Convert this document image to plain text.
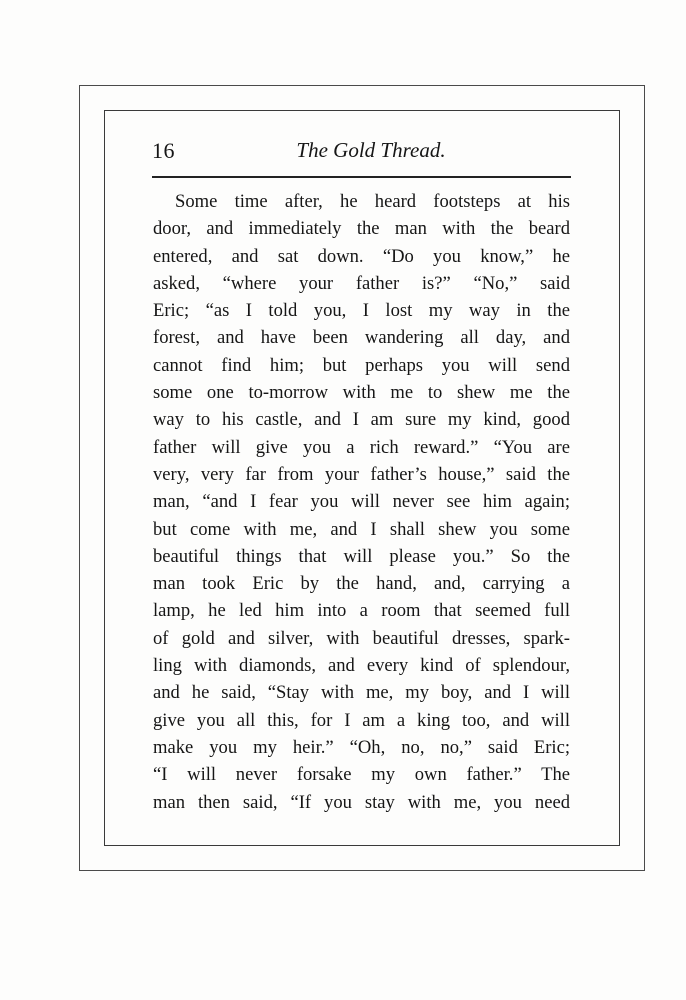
16	The Gold Thread.
Some time after, he heard footsteps at his
door, and immediately the man with the beard
entered, and sat down. “Do you know,” he
asked, “where your father is?” “No,” said
Eric; “as I told you, I lost my way in the
forest, and have been wandering all day, and
cannot find him; but perhaps you will send
some one to-morrow with me to shew me the
way to his castle, and I am sure my kind, good
father will give you a rich reward.” “You are
very, very far from your father’s house,” said the
man, “and I fear you will never see him again;
but come with me, and I shall shew you some
beautiful things that will please you.” So the
man took Eric by the hand, and, carrying a
lamp, he led him into a room that seemed full
of gold and silver, with beautiful dresses, spark-
ling with diamonds, and every kind of splendour,
and he said, “Stay with me, my boy, and I will
give you all this, for I am a king too, and will
make you my heir.” “Oh, no, no,” said Eric;
“I will never forsake my own father.” The
man then said, “If you stay with me, you need
